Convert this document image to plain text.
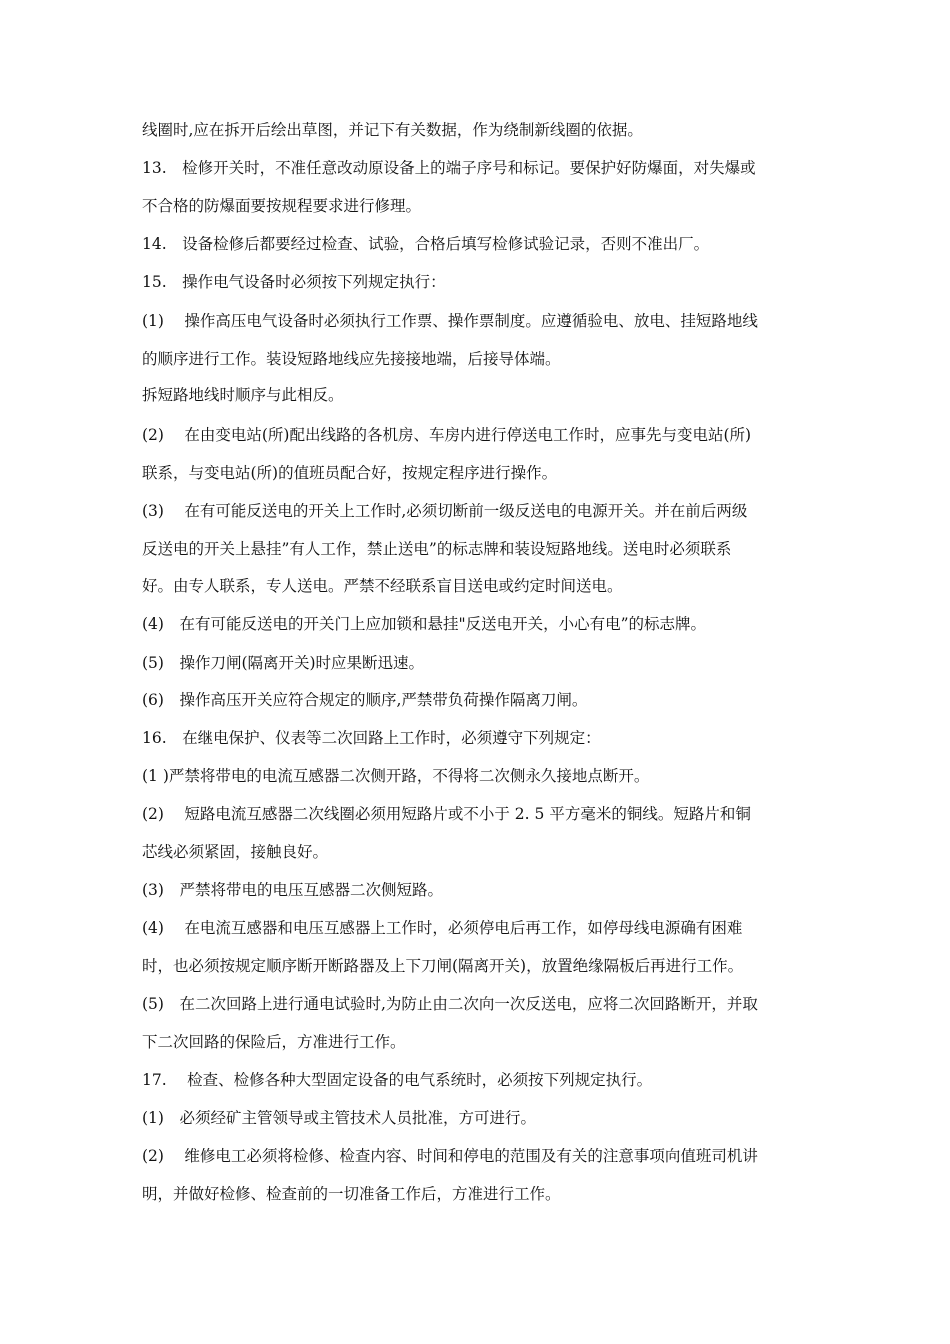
线圈时,应在拆开后绘出草图，并记下有关数据，作为绕制新线圈的依据。
13.　检修开关时，不准任意改动原设备上的端子序号和标记。要保护好防爆面，对失爆或
不合格的防爆面要按规程要求进行修理。
14.　设备检修后都要经过检查、试验，合格后填写检修试验记录，否则不准出厂。
15.　操作电气设备时必须按下列规定执行：
(1)　 操作高压电气设备时必须执行工作票、操作票制度。应遵循验电、放电、挂短路地线
的顺序进行工作。装设短路地线应先接接地端，后接导体端。
拆短路地线时顺序与此相反。
(2)　 在由变电站(所)配出线路的各机房、车房内进行停送电工作时，应事先与变电站(所)
联系，与变电站(所)的值班员配合好，按规定程序进行操作。
(3)　 在有可能反送电的开关上工作时,必须切断前一级反送电的电源开关。并在前后两级
反送电的开关上悬挂”有人工作，禁止送电”的标志牌和装设短路地线。送电时必须联系
好。由专人联系，专人送电。严禁不经联系盲目送电或约定时间送电。
(4)　在有可能反送电的开关门上应加锁和悬挂"反送电开关，小心有电”的标志牌。
(5)　操作刀闸(隔离开关)时应果断迅速。
(6)　操作高压开关应符合规定的顺序,严禁带负荷操作隔离刀闸。
16.　在继电保护、仪表等二次回路上工作时，必须遵守下列规定：
(1 )严禁将带电的电流互感器二次侧开路，不得将二次侧永久接地点断开。
(2)　 短路电流互感器二次线圈必须用短路片或不小于 2. 5 平方毫米的铜线。短路片和铜
芯线必须紧固，接触良好。
(3)　严禁将带电的电压互感器二次侧短路。
(4)　 在电流互感器和电压互感器上工作时，必须停电后再工作，如停母线电源确有困难
时，也必须按规定顺序断开断路器及上下刀闸(隔离开关)，放置绝缘隔板后再进行工作。
(5)　在二次回路上进行通电试验时,为防止由二次向一次反送电，应将二次回路断开，并取
下二次回路的保险后，方准进行工作。
17.　 检查、检修各种大型固定设备的电气系统时，必须按下列规定执行。
(1)　必须经矿主管领导或主管技术人员批准，方可进行。
(2)　 维修电工必须将检修、检查内容、时间和停电的范围及有关的注意事项向值班司机讲
明，并做好检修、检查前的一切准备工作后，方准进行工作。
